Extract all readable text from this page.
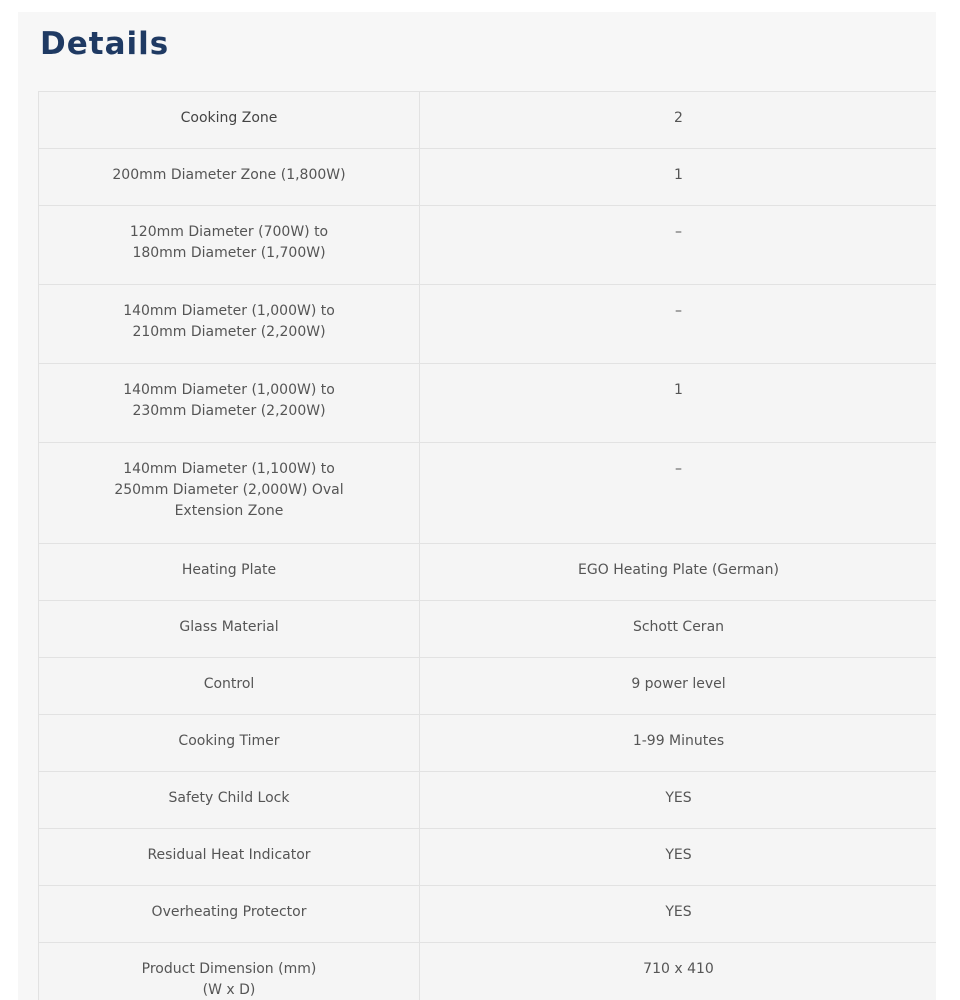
Details
Cooking Zone	2
200mm Diameter Zone (1,800W)	1
120mm Diameter (700W) to
180mm Diameter (1,700W)	–
140mm Diameter (1,000W) to
210mm Diameter (2,200W)	–
140mm Diameter (1,000W) to
230mm Diameter (2,200W)	1
140mm Diameter (1,100W) to
250mm Diameter (2,000W) Oval
Extension Zone	–
Heating Plate	EGO Heating Plate (German)
Glass Material	Schott Ceran
Control	9 power level
Cooking Timer	1-99 Minutes
Safety Child Lock	YES
Residual Heat Indicator	YES
Overheating Protector	YES
Product Dimension (mm)
(W x D)	710 x 410
